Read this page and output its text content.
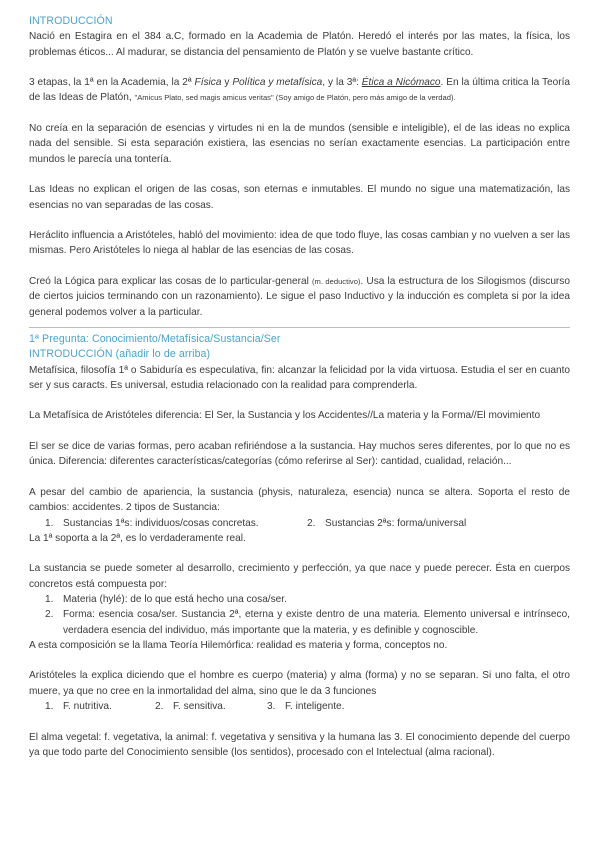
INTRODUCCIÓN

Nació en Estagira en el 384 a.C, formado en la Academia de Platón. Heredó el interés por las mates, la física, los problemas éticos... Al madurar, se distancia del pensamiento de Platón y se vuelve bastante crítico.

3 etapas, la 1ª en la Academia, la 2ª Física y Política y metafísica, y la 3ª: Ética a Nicómaco. En la última critica la Teoría de las Ideas de Platón, "Amicus Plato, sed magis amicus veritas" (Soy amigo de Platón, pero más amigo de la verdad).

No creía en la separación de esencias y virtudes ni en la de mundos (sensible e inteligible), el de las ideas no explica nada del sensible. Si esta separación existiera, las esencias no serían exactamente esencias. La participación entre mundos le parecía una tontería.

Las Ideas no explican el origen de las cosas, son eternas e inmutables. El mundo no sigue una matematización, las esencias no van separadas de las cosas.

Heráclito influencia a Aristóteles, habló del movimiento: idea de que todo fluye, las cosas cambian y no vuelven a ser las mismas. Pero Aristóteles lo niega al hablar de las esencias de las cosas.

Creó la Lógica para explicar las cosas de lo particular-general (m. deductivo). Usa la estructura de los Silogismos (discurso de ciertos juicios terminando con un razonamiento). Le sigue el paso Inductivo y la inducción es completa si por la idea general podemos volver a la particular.

1ª Pregunta: Conocimiento/Metafísica/Sustancia/Ser

INTRODUCCIÓN (añadir lo de arriba)

Metafísica, filosofía 1ª o Sabiduría es especulativa, fin: alcanzar la felicidad por la vida virtuosa. Estudia el ser en cuanto ser y sus caracts. Es universal, estudia relacionado con la realidad para comprenderla.

La Metafísica de Aristóteles diferencia: El Ser, la Sustancia y los Accidentes//La materia y la Forma//El movimiento

El ser se dice de varias formas, pero acaban refiriéndose a la sustancia. Hay muchos seres diferentes, por lo que no es única. Diferencia: diferentes características/categorías (cómo referirse al Ser): cantidad, cualidad, relación...

A pesar del cambio de apariencia, la sustancia (physis, naturaleza, esencia) nunca se altera. Soporta el resto de cambios: accidentes. 2 tipos de Sustancia:

1. Sustancias 1ªs: individuos/cosas concretas.	2. Sustancias 2ªs: forma/universal

La 1ª soporta a la 2ª, es lo verdaderamente real.

La sustancia se puede someter al desarrollo, crecimiento y perfección, ya que nace y puede perecer. Ésta en cuerpos concretos está compuesta por:

1. Materia (hylé): de lo que está hecho una cosa/ser.
2. Forma: esencia cosa/ser. Sustancia 2ª, eterna y existe dentro de una materia. Elemento universal e intrínseco, verdadera esencia del individuo, más importante que la materia, y es definible y cognoscible.

A esta composición se la llama Teoría Hilemórfica: realidad es materia y forma, conceptos no.

Aristóteles la explica diciendo que el hombre es cuerpo (materia) y alma (forma) y no se separan. Si uno falta, el otro muere, ya que no cree en la inmortalidad del alma, sino que le da 3 funciones

1. F. nutritiva.	2. F. sensitiva.	3. F. inteligente.

El alma vegetal: f. vegetativa, la animal: f. vegetativa y sensitiva y la humana las 3. El conocimiento depende del cuerpo ya que todo parte del Conocimiento sensible (los sentidos), procesado con el Intelectual (alma racional).
